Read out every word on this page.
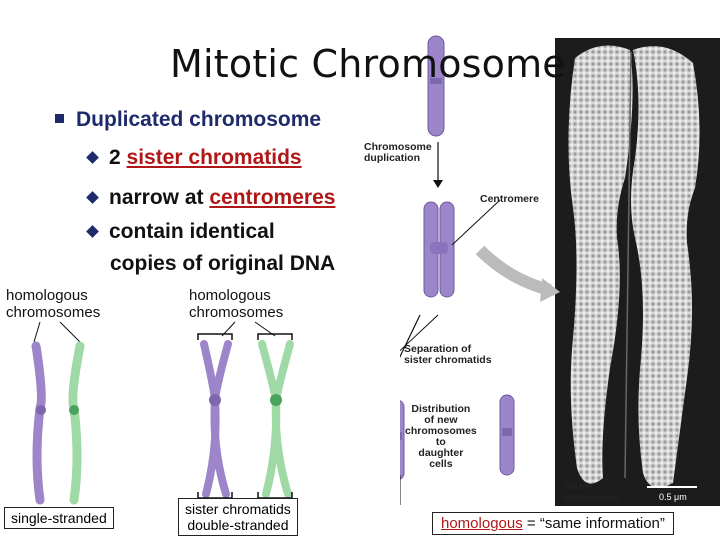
0.5 μm
Chromosome
duplication
Centromere
Separation of
sister chromatids
Distribution
of new
chromosomes
to
daughter
cells
Sister
chromatids
Mitotic Chromosome
Duplicated chromosome
2 sister chromatids
narrow at centromeres
contain identical
copies of original DNA
homologous
chromosomes
homologous
chromosomes
single-stranded
sister chromatids
double-stranded	homologous = “same information”
